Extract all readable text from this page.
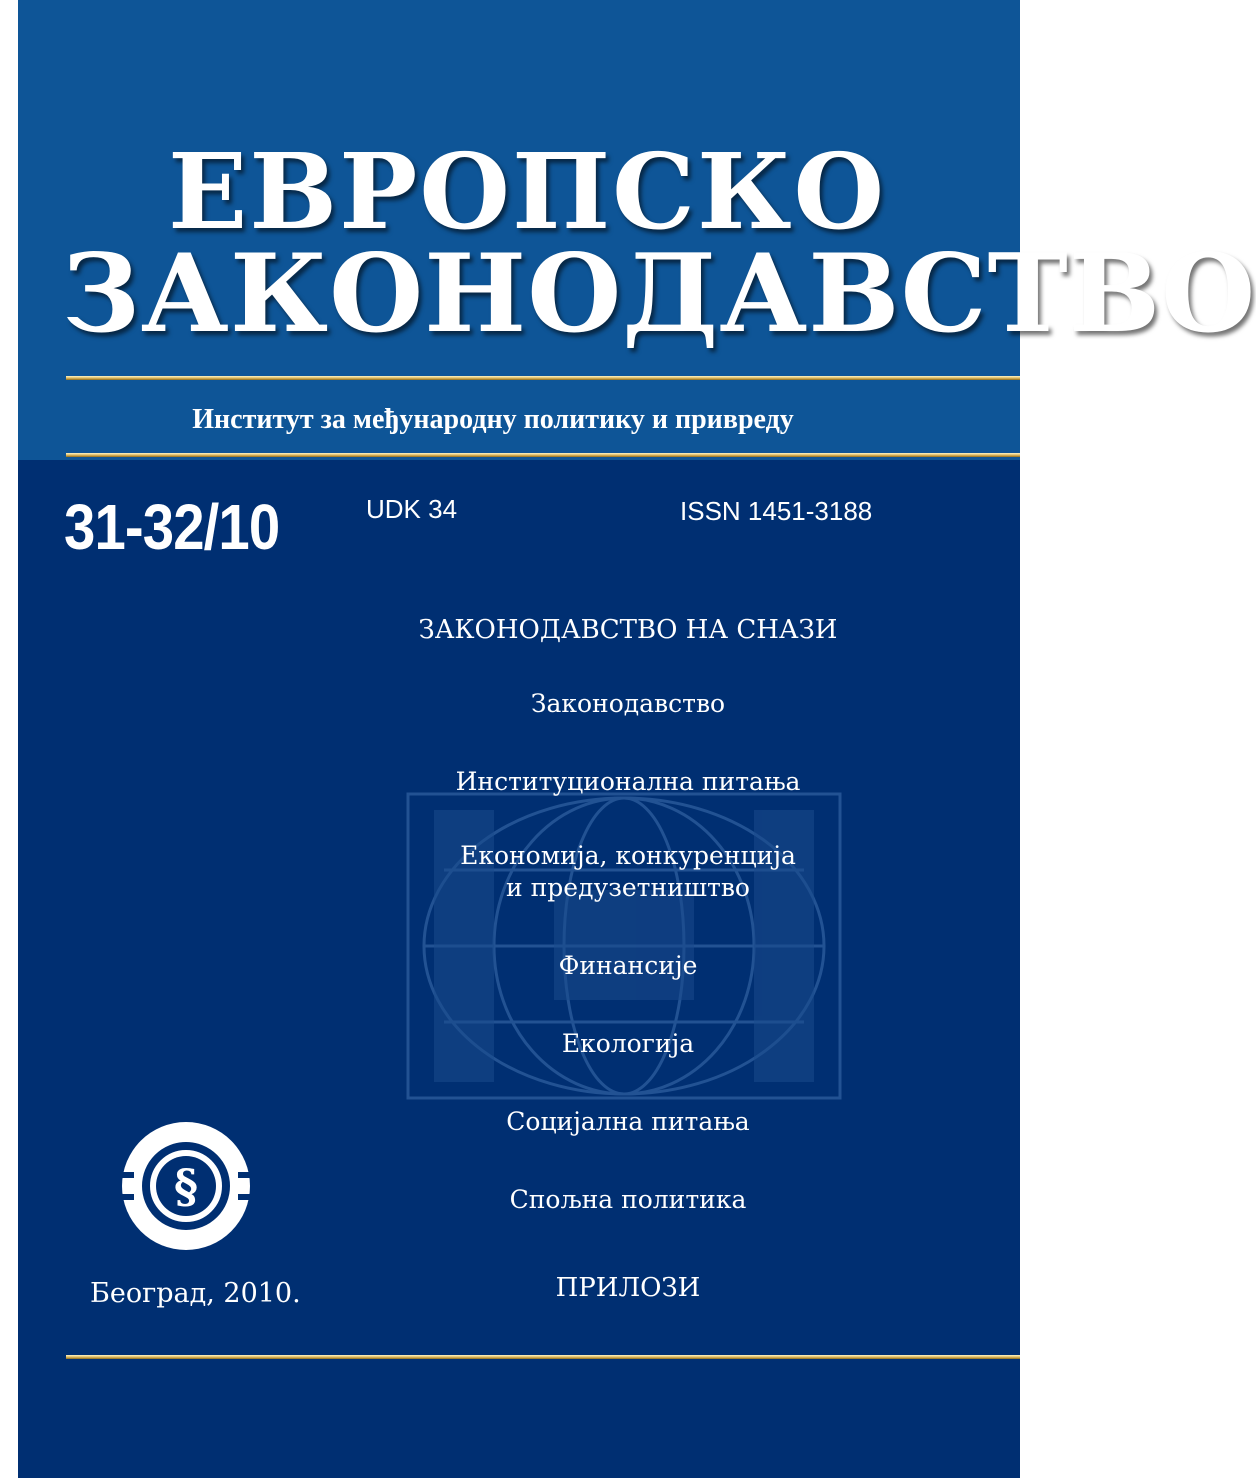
ЕВРОПСКО
ЗАКОНОДАВСТВО
Институт за међународну политику и привреду
31-32/10	UDK 34	ISSN 1451-3188
ЗАКОНОДАВСТВО НА СНАЗИ
Законодавство
Институционална питања
Економија, конкуренција
и предузетништво
Финансије
Екологија
Социјална питања
Спољна политика
ПРИЛОЗИ
§
Београд, 2010.
